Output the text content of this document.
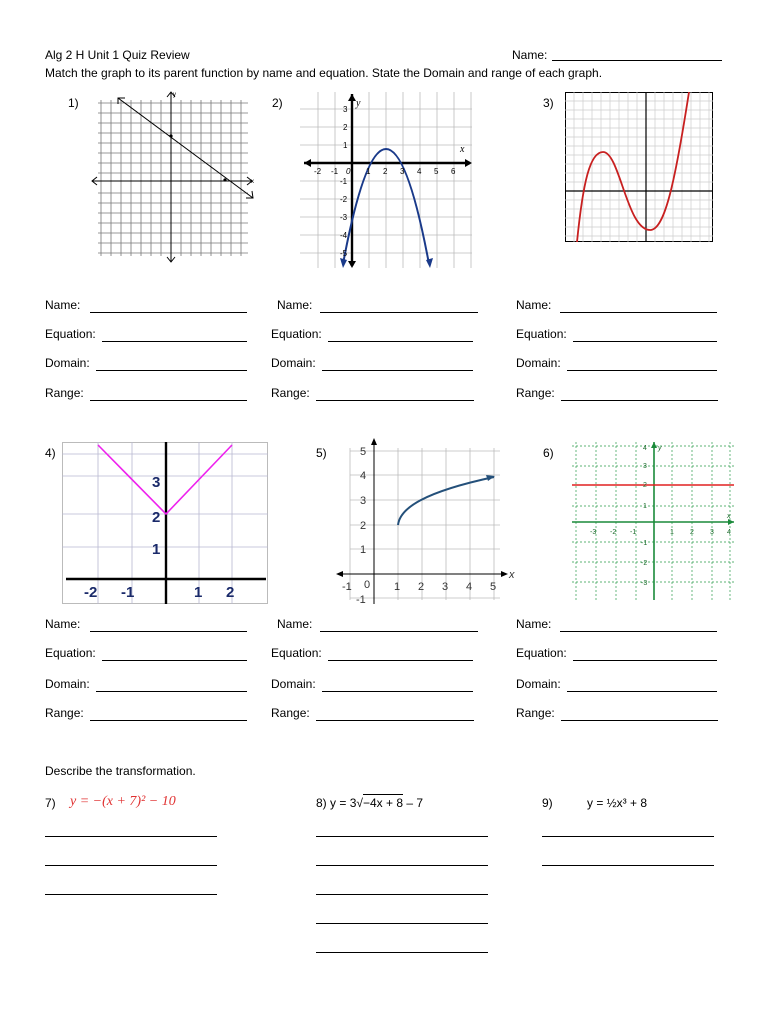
Alg 2 H Unit 1 Quiz Review	Name:
Match the graph to its parent function by name and equation. State the Domain and range of each graph.
1)	2)	3)
4)	5)	6)
y
x
3
2
1
-1
-2
-3
-4
-5
-2 -1 0 1 2 3 4 5 6
x
y
Name:
Equation:
Domain:
Range:
Name:
Equation:
Domain:
Range:
Name:
Equation:
Domain:
Range:
3
2
1
-2 -1	1 2
5
4
3
2
1
-1
-1 0 1 2 3 4 5
x
4
3
2
1
-1
-2
-3
-3 -2 -1	1 2 3 4
x
y
Name:
Equation:
Domain:
Range:
Name:
Equation:
Domain:
Range:
Name:
Equation:
Domain:
Range:
Describe the transformation.
7) y = −(x + 7)² − 10	8) y = 3√−4x + 8 – 7	9)	y = ½x³ + 8
